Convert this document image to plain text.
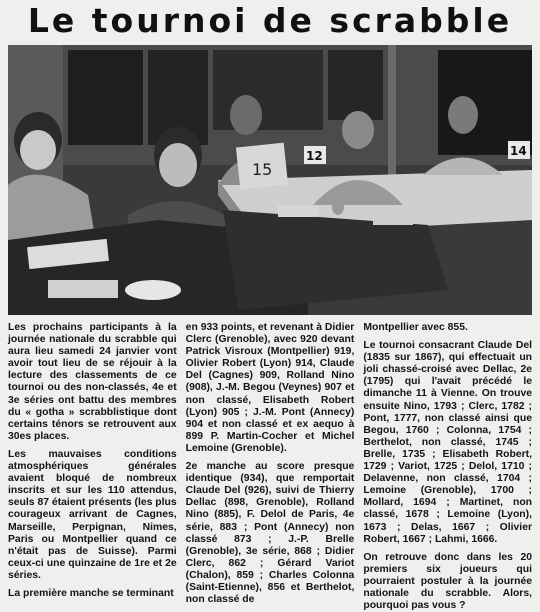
Le tournoi de scrabble
15
12	14

Les prochains participants à la journée nationale du scrabble qui aura lieu samedi 24 janvier vont avoir tout lieu de se réjouir à la lecture des classements de ce tournoi ou des non-classés, 4e et 3e séries ont battu des membres du « gotha » scrabblistique dont certains ténors se retrouvent aux 30es places.

Les mauvaises conditions atmosphériques générales avaient bloqué de nombreux inscrits et sur les 110 attendus, seuls 87 étaient présents (les plus courageux arrivant de Cagnes, Marseille, Perpignan, Nimes, Paris ou Montpellier quand ce n'était pas de Suisse). Parmi ceux-ci une quinzaine de 1re et 2e séries.

La première manche se terminant

en 933 points, et revenant à Didier Clerc (Grenoble), avec 920 devant Patrick Visroux (Montpellier) 919, Olivier Robert (Lyon) 914, Claude Del (Cagnes) 909, Rolland Nino (908), J.-M. Begou (Veynes) 907 et non classé, Elisabeth Robert (Lyon) 905 ; J.-M. Pont (Annecy) 904 et non classé et ex aequo à 899 P. Martin-Cocher et Michel Lemoine (Grenoble).

2e manche au score presque identique (934), que remportait Claude Del (926), suivi de Thierry Dellac (898, Grenoble), Rolland Nino (885), F. Delol de Paris, 4e série, 883 ; Pont (Annecy) non classé 873 ; J.-P. Brelle (Grenoble), 3e série, 868 ; Didier Clerc, 862 ; Gérard Variot (Chalon), 859 ; Charles Colonna (Saint-Etienne), 856 et Berthelot, non classé de

Montpellier avec 855.

Le tournoi consacrant Claude Del (1835 sur 1867), qui effectuait un joli chassé-croisé avec Dellac, 2e (1795) qui l'avait précédé le dimanche 11 à Vienne. On trouve ensuite Nino, 1793 ; Clerc, 1782 ; Pont, 1777, non classé ainsi que Begou, 1760 ; Colonna, 1754 ; Berthelot, non classé, 1745 ; Brelle, 1735 ; Elisabeth Robert, 1729 ; Variot, 1725 ; Delol, 1710 ; Delavenne, non classé, 1704 ; Lemoine (Grenoble), 1700 ; Mollard, 1694 ; Martinet, non classé, 1678 ; Lemoine (Lyon), 1673 ; Delas, 1667 ; Olivier Robert, 1667 ; Lahmi, 1666.

On retrouve donc dans les 20 premiers six joueurs qui pourraient postuler à la journée nationale du scrabble. Alors, pourquoi pas vous ?
